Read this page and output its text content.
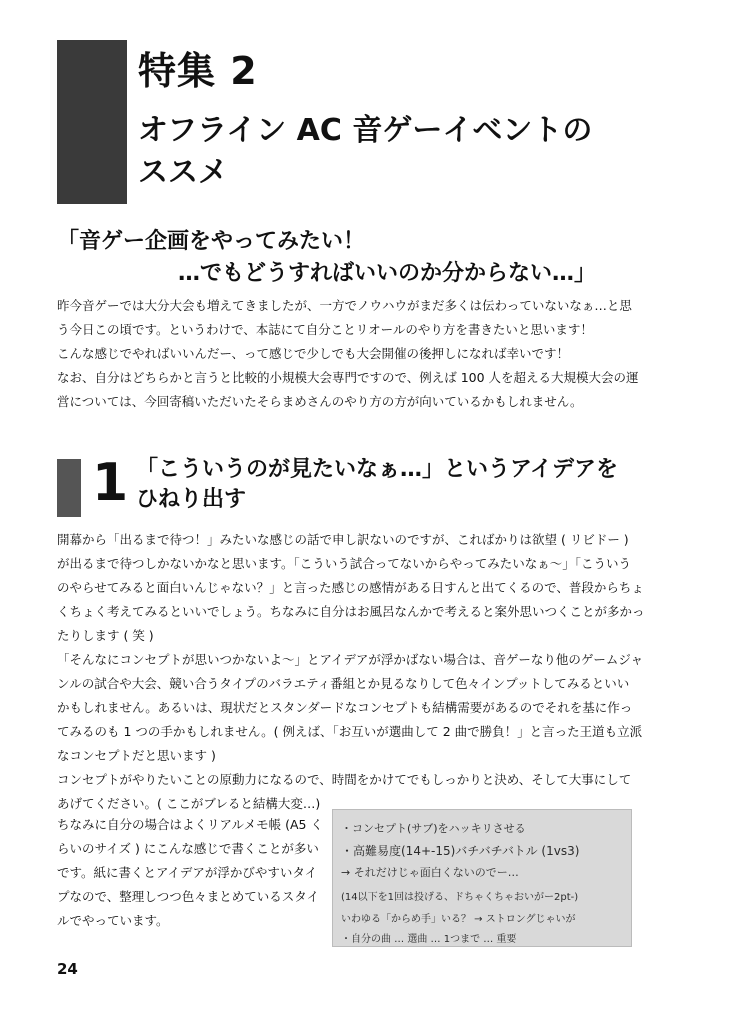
特集 2
オフライン AC 音ゲーイベントの
ススメ
「音ゲー企画をやってみたい！
…でもどうすればいいのか分からない…」
昨今音ゲーでは大分大会も増えてきましたが、一方でノウハウがまだ多くは伝わっていないなぁ…と思
う今日この頃です。というわけで、本誌にて自分ことリオールのやり方を書きたいと思います！
こんな感じでやればいいんだー、って感じで少しでも大会開催の後押しになれば幸いです！
なお、自分はどちらかと言うと比較的小規模大会専門ですので、例えば 100 人を超える大規模大会の運
営については、今回寄稿いただいたそらまめさんのやり方の方が向いているかもしれません。
1 「こういうのが見たいなぁ…」というアイデアを
ひねり出す
開幕から「出るまで待つ！」みたいな感じの話で申し訳ないのですが、こればかりは欲望 ( リビドー )
が出るまで待つしかないかなと思います。「こういう試合ってないからやってみたいなぁ～」「こういう
のやらせてみると面白いんじゃない？」と言った感じの感情がある日すんと出てくるので、普段からちょ
くちょく考えてみるといいでしょう。ちなみに自分はお風呂なんかで考えると案外思いつくことが多かっ
たりします ( 笑 )
「そんなにコンセプトが思いつかないよ～」とアイデアが浮かばない場合は、音ゲーなり他のゲームジャ
ンルの試合や大会、競い合うタイプのバラエティ番組とか見るなりして色々インプットしてみるといい
かもしれません。あるいは、現状だとスタンダードなコンセプトも結構需要があるのでそれを基に作っ
てみるのも 1 つの手かもしれません。( 例えば、「お互いが選曲して 2 曲で勝負！」と言った王道も立派
なコンセプトだと思います )
コンセプトがやりたいことの原動力になるので、時間をかけてでもしっかりと決め、そして大事にして
あげてください。( ここがブレると結構大変…)
ちなみに自分の場合はよくリアルメモ帳 (A5 く
らいのサイズ ) にこんな感じで書くことが多い
です。紙に書くとアイデアが浮かびやすいタイ
プなので、整理しつつ色々まとめているスタイ
ルでやっています。
・コンセプト(サブ)をハッキリさせる
・高難易度(14+-15)バチバチバトル (1vs3)
→ それだけじゃ面白くないのでー…
(14以下を1回は投げる、ドちゃくちゃおいがー2pt-)
いわゆる「からめ手」いる？ → ストロングじゃいが
・自分の曲 … 選曲 … 1つまで … 重要
24
